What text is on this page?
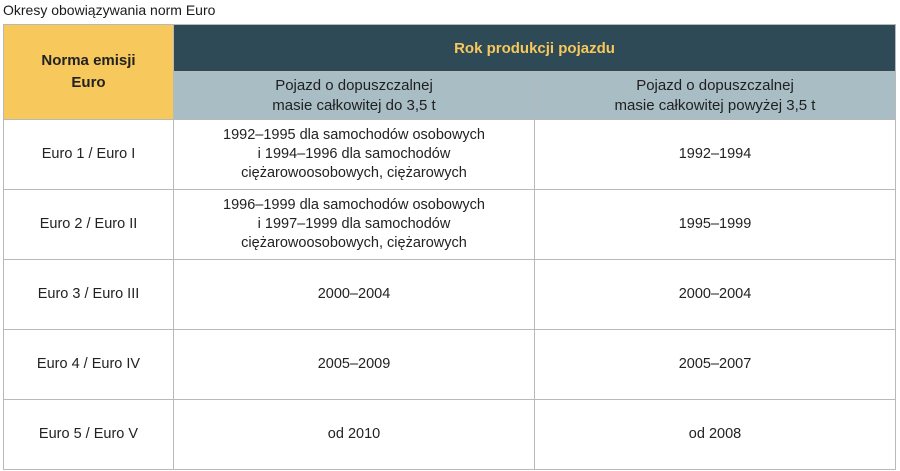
Okresy obowiązywania norm Euro
Norma emisji
Euro	Rok produkcji pojazdu	

	Pojazd o dopuszczalnej
masie całkowitej do 3,5 t	Pojazd o dopuszczalnej
masie całkowitej powyżej 3,5 t

Euro 1 / Euro I	1992–1995 dla samochodów osobowych
i 1994–1996 dla samochodów
ciężarowoosobowych, ciężarowych	1992–1994
Euro 2 / Euro II	1996–1999 dla samochodów osobowych
i 1997–1999 dla samochodów
ciężarowoosobowych, ciężarowych	1995–1999
Euro 3 / Euro III	2000–2004	2000–2004
Euro 4 / Euro IV	2005–2009	2005–2007
Euro 5 / Euro V	od 2010	od 2008
